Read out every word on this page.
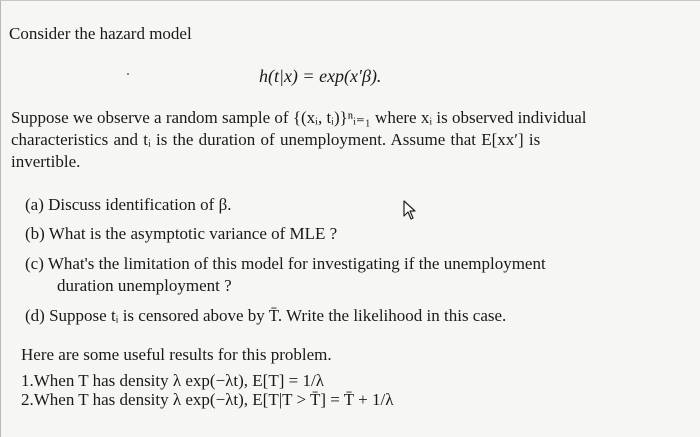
Consider the hazard model
h(t|x) = exp(x′β).
Suppose we observe a random sample of {(xᵢ, tᵢ)}ⁿᵢ₌₁ where xᵢ is observed individual
characteristics and tᵢ is the duration of unemployment. Assume that E[xx′] is
invertible.
(a) Discuss identification of β.
(b) What is the asymptotic variance of MLE ?
(c) What's the limitation of this model for investigating if the unemployment
duration unemployment ?
(d) Suppose tᵢ is censored above by T̄. Write the likelihood in this case.
Here are some useful results for this problem.
1.When T has density λ exp(−λt), E[T] = 1/λ
2.When T has density λ exp(−λt), E[T|T > T̄] = T̄ + 1/λ
